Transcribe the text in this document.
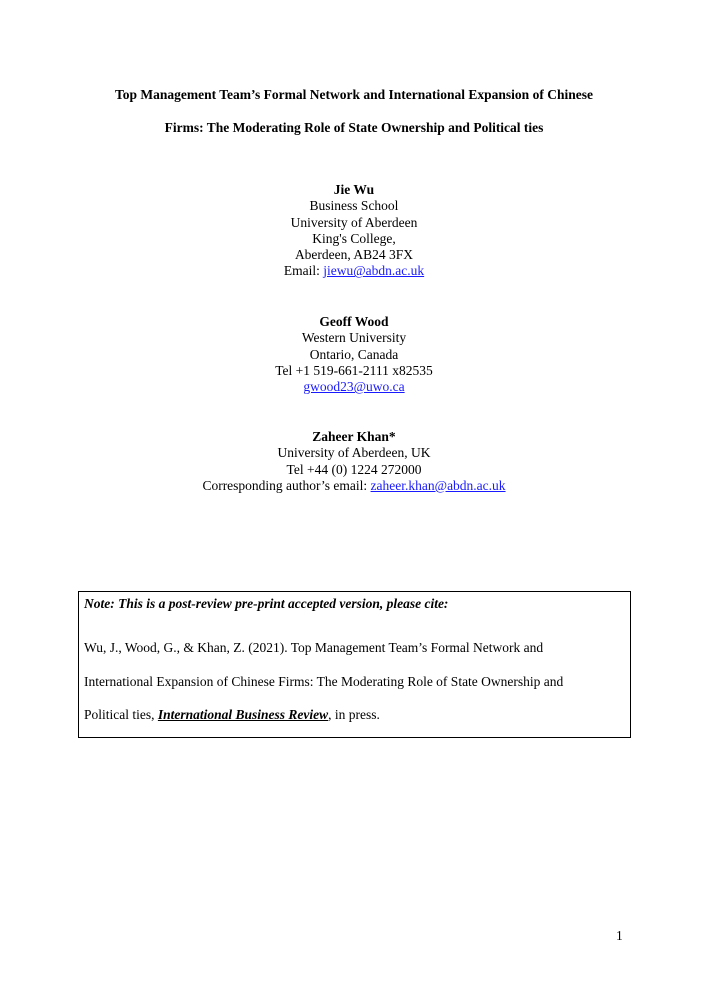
Top Management Team’s Formal Network and International Expansion of Chinese
Firms: The Moderating Role of State Ownership and Political ties
Jie Wu
Business School
University of Aberdeen
King's College,
Aberdeen, AB24 3FX
Email: jiewu@abdn.ac.uk
Geoff Wood
Western University
Ontario, Canada
Tel +1 519-661-2111 x82535
gwood23@uwo.ca
Zaheer Khan*
University of Aberdeen, UK
Tel +44 (0) 1224 272000
Corresponding author’s email: zaheer.khan@abdn.ac.uk
Note: This is a post-review pre-print accepted version, please cite:
Wu, J., Wood, G., & Khan, Z. (2021). Top Management Team’s Formal Network and
International Expansion of Chinese Firms: The Moderating Role of State Ownership and
Political ties, International Business Review, in press.
1
